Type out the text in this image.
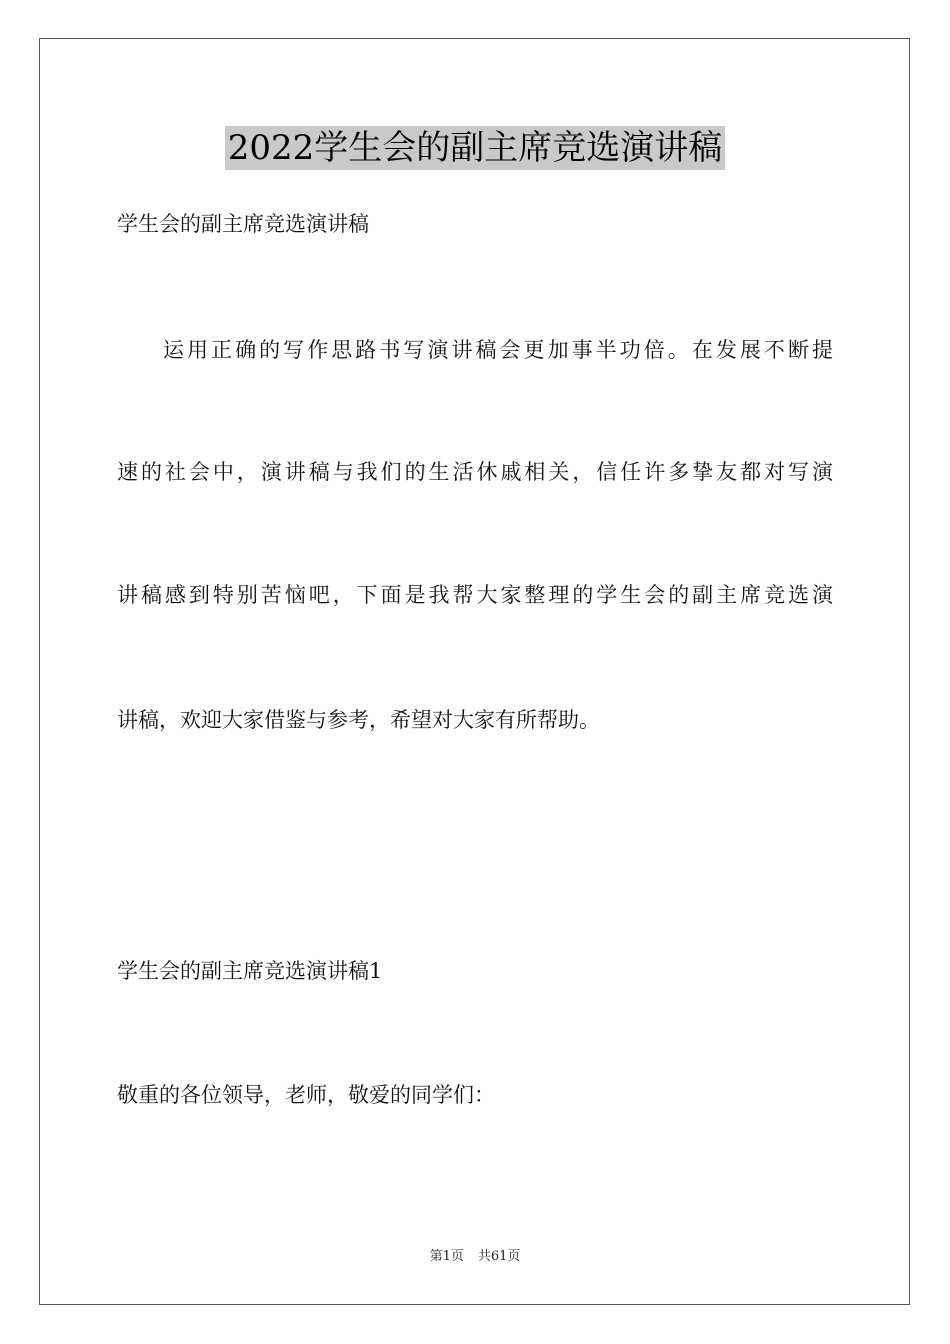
2022学生会的副主席竞选演讲稿

学生会的副主席竞选演讲稿

运用正确的写作思路书写演讲稿会更加事半功倍。在发展不断提

速的社会中，演讲稿与我们的生活休戚相关，信任许多挚友都对写演

讲稿感到特别苦恼吧，下面是我帮大家整理的学生会的副主席竞选演

讲稿，欢迎大家借鉴与参考，希望对大家有所帮助。

学生会的副主席竞选演讲稿1

敬重的各位领导，老师，敬爱的同学们：

第1页 共61页
